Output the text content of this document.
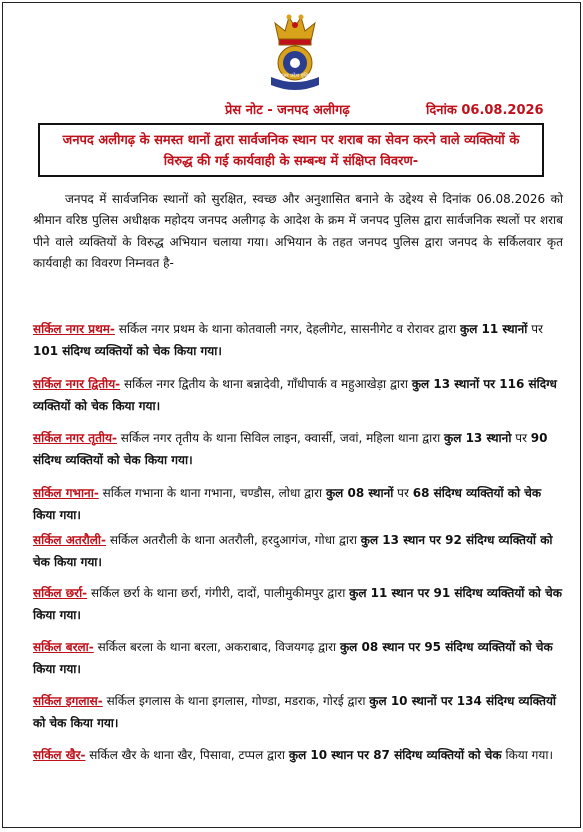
उत्तर प्रदेश पुलिस
प्रेस नोट - जनपद अलीगढ़	दिनांक 06.08.2026
जनपद अलीगढ़ के समस्त थानों द्वारा सार्वजनिक स्थान पर शराब का सेवन करने वाले व्यक्तियों के विरुद्ध की गई कार्यवाही के सम्बन्ध में संक्षिप्त विवरण-
जनपद में सार्वजनिक स्थानों को सुरक्षित, स्वच्छ और अनुशासित बनाने के उद्देश्य से दिनांक 06.08.2026 को श्रीमान वरिष्ठ पुलिस अधीक्षक महोदय जनपद अलीगढ़ के आदेश के क्रम में जनपद पुलिस द्वारा सार्वजनिक स्थलों पर शराब पीने वाले व्यक्तियों के विरुद्ध अभियान चलाया गया। अभियान के तहत जनपद पुलिस द्वारा जनपद के सर्किलवार कृत कार्यवाही का विवरण निम्नवत है-
सर्किल नगर प्रथम- सर्किल नगर प्रथम के थाना कोतवाली नगर, देहलीगेट, सासनीगेट व रोरावर द्वारा कुल 11 स्थानों पर 101 संदिग्ध व्यक्तियों को चेक किया गया।
सर्किल नगर द्वितीय- सर्किल नगर द्वितीय के थाना बन्नादेवी, गाँधीपार्क व महुआखेड़ा द्वारा कुल 13 स्थानों पर 116 संदिग्ध व्यक्तियों को चेक किया गया।
सर्किल नगर तृतीय- सर्किल नगर तृतीय के थाना सिविल लाइन, क्वार्सी, जवां, महिला थाना द्वारा कुल 13 स्थानो पर 90 संदिग्ध व्यक्तियों को चेक किया गया।
सर्किल गभाना- सर्किल गभाना के थाना गभाना, चण्डौस, लोधा द्वारा कुल 08 स्थानों पर 68 संदिग्ध व्यक्तियों को चेक किया गया।
सर्किल अतरौली- सर्किल अतरौली के थाना अतरौली, हरदुआगंज, गोधा द्वारा कुल 13 स्थान पर 92 संदिग्ध व्यक्तियों को चेक किया गया।
सर्किल छर्रा- सर्किल छर्रा के थाना छर्रा, गंगीरी, दादों, पालीमुकीमपुर द्वारा कुल 11 स्थान पर 91 संदिग्ध व्यक्तियों को चेक किया गया।
सर्किल बरला- सर्किल बरला के थाना बरला, अकराबाद, विजयगढ़ द्वारा कुल 08 स्थान पर 95 संदिग्ध व्यक्तियों को चेक किया गया।
सर्किल इगलास- सर्किल इगलास के थाना इगलास, गोण्डा, मडराक, गोरई द्वारा कुल 10 स्थानों पर 134 संदिग्ध व्यक्तियों को चेक किया गया।
सर्किल खैर- सर्किल खैर के थाना खैर, पिसावा, टप्पल द्वारा कुल 10 स्थान पर 87 संदिग्ध व्यक्तियों को चेक किया गया।
